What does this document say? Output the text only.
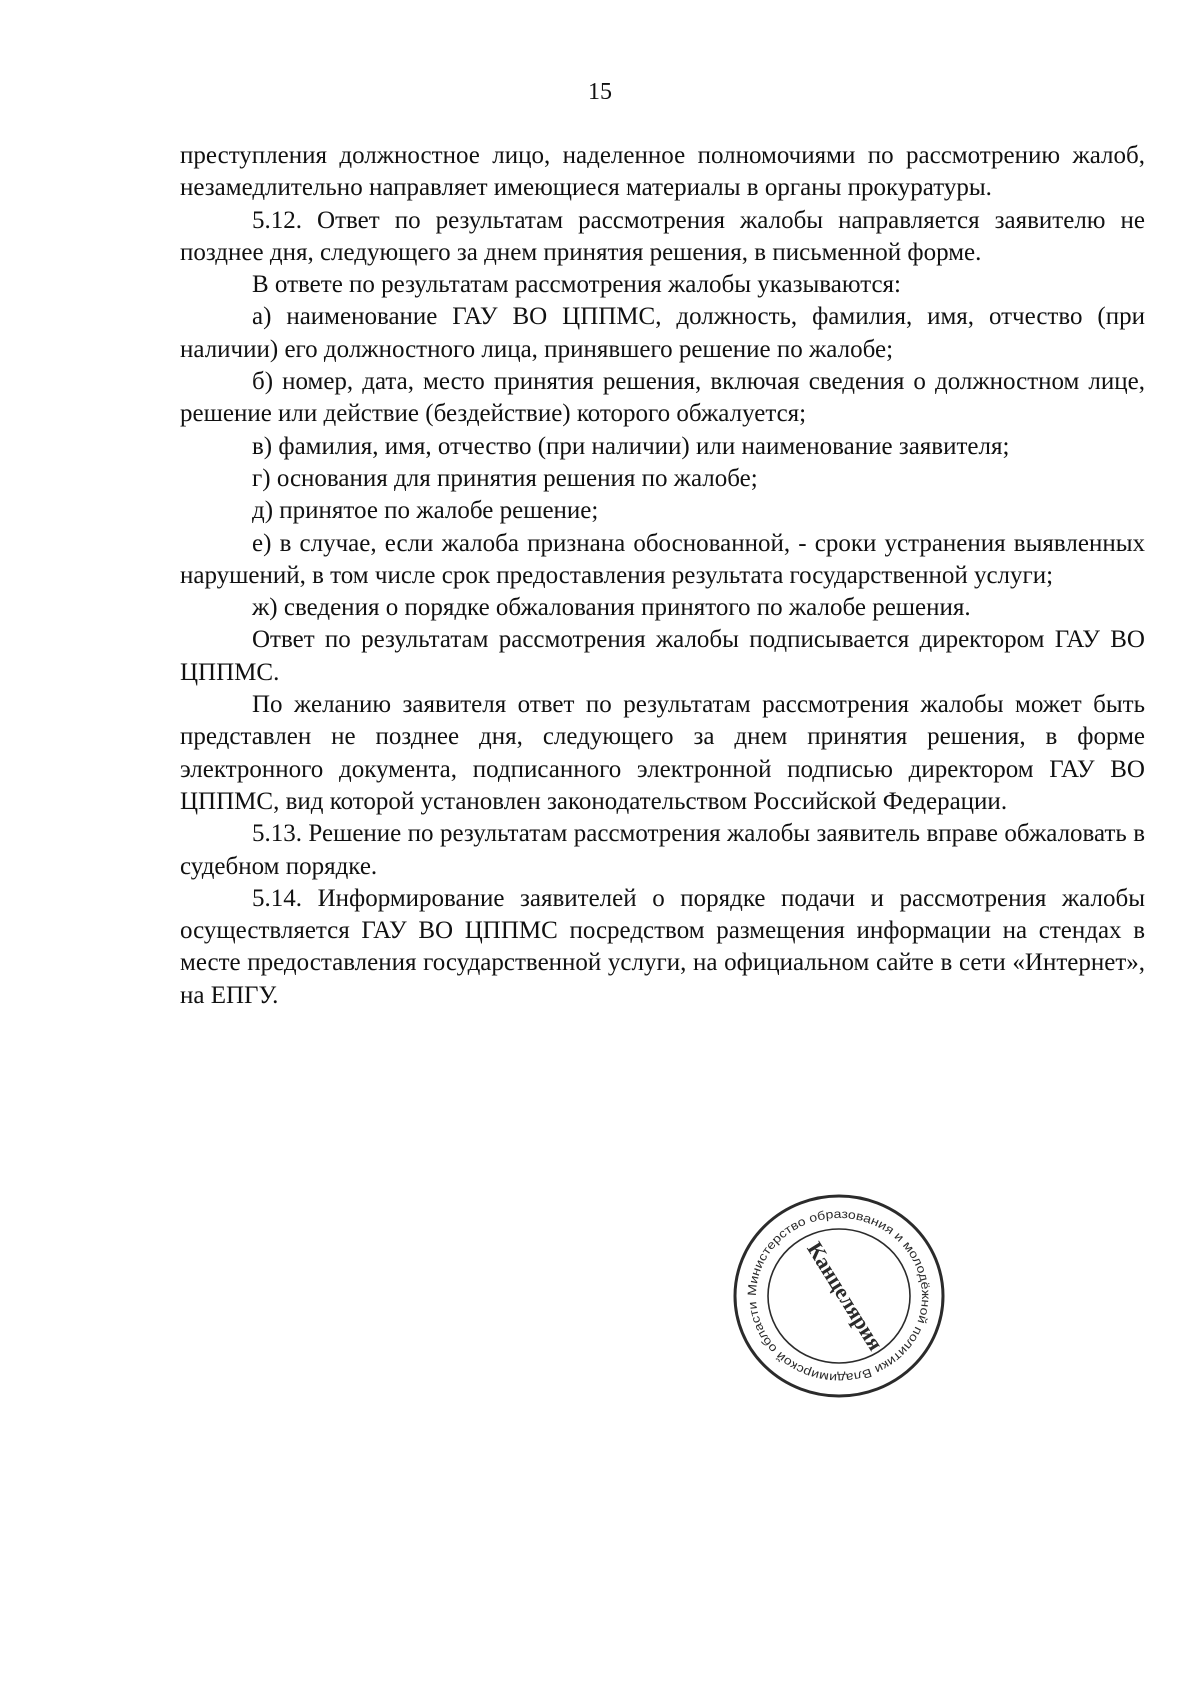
15

преступления должностное лицо, наделенное полномочиями по рассмотрению жалоб, незамедлительно направляет имеющиеся материалы в органы прокуратуры.

5.12. Ответ по результатам рассмотрения жалобы направляется заявителю не позднее дня, следующего за днем принятия решения, в письменной форме.

В ответе по результатам рассмотрения жалобы указываются:

а) наименование ГАУ ВО ЦППМС, должность, фамилия, имя, отчество (при наличии) его должностного лица, принявшего решение по жалобе;

б) номер, дата, место принятия решения, включая сведения о должностном лице, решение или действие (бездействие) которого обжалуется;

в) фамилия, имя, отчество (при наличии) или наименование заявителя;

г) основания для принятия решения по жалобе;

д) принятое по жалобе решение;

е) в случае, если жалоба признана обоснованной, - сроки устранения выявленных нарушений, в том числе срок предоставления результата государственной услуги;

ж) сведения о порядке обжалования принятого по жалобе решения.

Ответ по результатам рассмотрения жалобы подписывается директором ГАУ ВО ЦППМС.

По желанию заявителя ответ по результатам рассмотрения жалобы может быть представлен не позднее дня, следующего за днем принятия решения, в форме электронного документа, подписанного электронной подписью директором ГАУ ВО ЦППМС, вид которой установлен законодательством Российской Федерации.

5.13. Решение по результатам рассмотрения жалобы заявитель вправе обжаловать в судебном порядке.

5.14. Информирование заявителей о порядке подачи и рассмотрения жалобы осуществляется ГАУ ВО ЦППМС посредством размещения информации на стендах в месте предоставления государственной услуги, на официальном сайте в сети «Интернет», на ЕПГУ.

Министерство образования и молодёжной политики Владимирской области	Канцелярия
